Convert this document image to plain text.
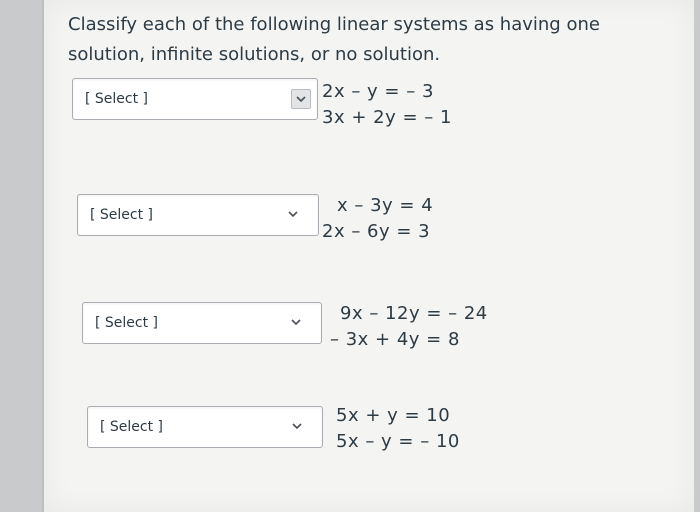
Classify each of the following linear systems as having one solution, infinite solutions, or no solution.
[ Select ]	2x – y = – 3
3x + 2y = – 1
[ Select ]	x – 3y = 4
2x – 6y = 3
[ Select ]	9x – 12y = – 24
– 3x + 4y = 8
[ Select ]
5x + y = 10
5x – y = – 10
